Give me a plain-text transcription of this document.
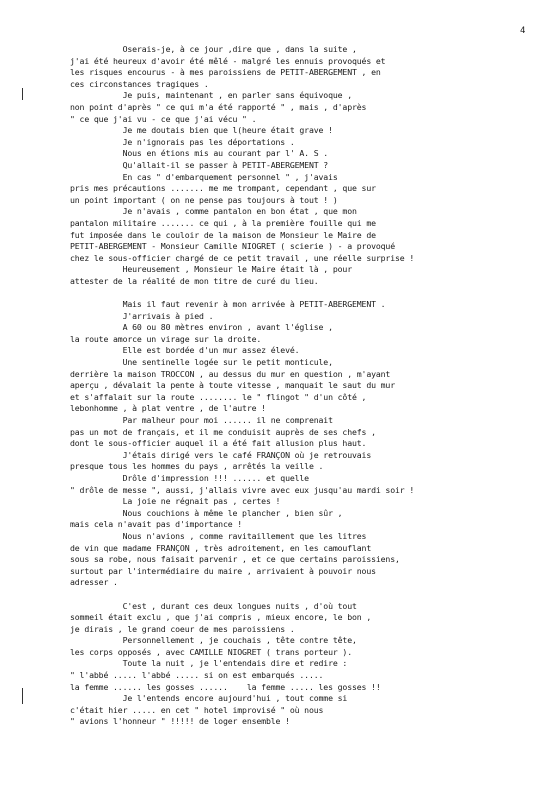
4
Oserais-je, à ce jour ,dire que , dans la suite ,
j'ai été heureux d'avoir été mêlé - malgré les ennuis provoqués et
les risques encourus - à mes paroissiens de PETIT-ABERGEMENT , en
ces circonstances tragiques .
Je puis, maintenant , en parler sans équivoque ,
non point d'après " ce qui m'a été rapporté " , mais , d'après
" ce que j'ai vu - ce que j'ai vécu " .
Je me doutais bien que l(heure était grave !
Je n'ignorais pas les déportations .
Nous en étions mis au courant par l' A. S .
Qu'allait-il se passer à PETIT-ABERGEMENT ?
En cas " d'embarquement personnel " , j'avais
pris mes précautions ....... me me trompant, cependant , que sur
un point important ( on ne pense pas toujours à tout ! )
Je n'avais , comme pantalon en bon état , que mon
pantalon militaire ....... ce qui , à la première fouille qui me
fut imposée dans le couloir de la maison de Monsieur le Maire de
PETIT-ABERGEMENT - Monsieur Camille NIOGRET ( scierie ) - a provoqué
chez le sous-officier chargé de ce petit travail , une réelle surprise !
Heureusement , Monsieur le Maire était là , pour
attester de la réalité de mon titre de curé du lieu.
Mais il faut revenir à mon arrivée à PETIT-ABERGEMENT .
J'arrivais à pied .
A 60 ou 80 mètres environ , avant l'église ,
la route amorce un virage sur la droite.
Elle est bordée d'un mur assez élevé.
Une sentinelle logée sur le petit monticule,
derrière la maison TROCCON , au dessus du mur en question , m'ayant
aperçu , dévalait la pente à toute vitesse , manquait le saut du mur
et s'affalait sur la route ........ le " flingot " d'un côté ,
lebonhomme , à plat ventre , de l'autre !
Par malheur pour moi ...... il ne comprenait
pas un mot de français, et il me conduisit auprès de ses chefs ,
dont le sous-officier auquel il a été fait allusion plus haut.
J'étais dirigé vers le café FRANÇON où je retrouvais
presque tous les hommes du pays , arrêtés la veille .
Drôle d'impression !!! ...... et quelle
" drôle de messe ", aussi, j'allais vivre avec eux jusqu'au mardi soir !
La joie ne régnait pas , certes !
Nous couchions à même le plancher , bien sûr ,
mais cela n'avait pas d'importance !
Nous n'avions , comme ravitaillement que les litres
de vin que madame FRANÇON , très adroitement, en les camouflant
sous sa robe, nous faisait parvenir , et ce que certains paroissiens,
surtout par l'intermédiaire du maire , arrivaient à pouvoir nous
adresser .
C'est , durant ces deux longues nuits , d'où tout
sommeil était exclu , que j'ai compris , mieux encore, le bon ,
je dirais , le grand coeur de mes paroissiens .
Personnellement , je couchais , tête contre tête,
les corps opposés , avec CAMILLE NIOGRET ( trans porteur ).
Toute la nuit , je l'entendais dire et redire :
" l'abbé ..... l'abbé ..... si on est embarqués .....
la femme ...... les gosses ......    la femme ..... les gosses !!
Je l'entends encore aujourd'hui , tout comme si
c'était hier ..... en cet " hotel improvisé " où nous
" avions l'honneur " !!!!! de loger ensemble !
